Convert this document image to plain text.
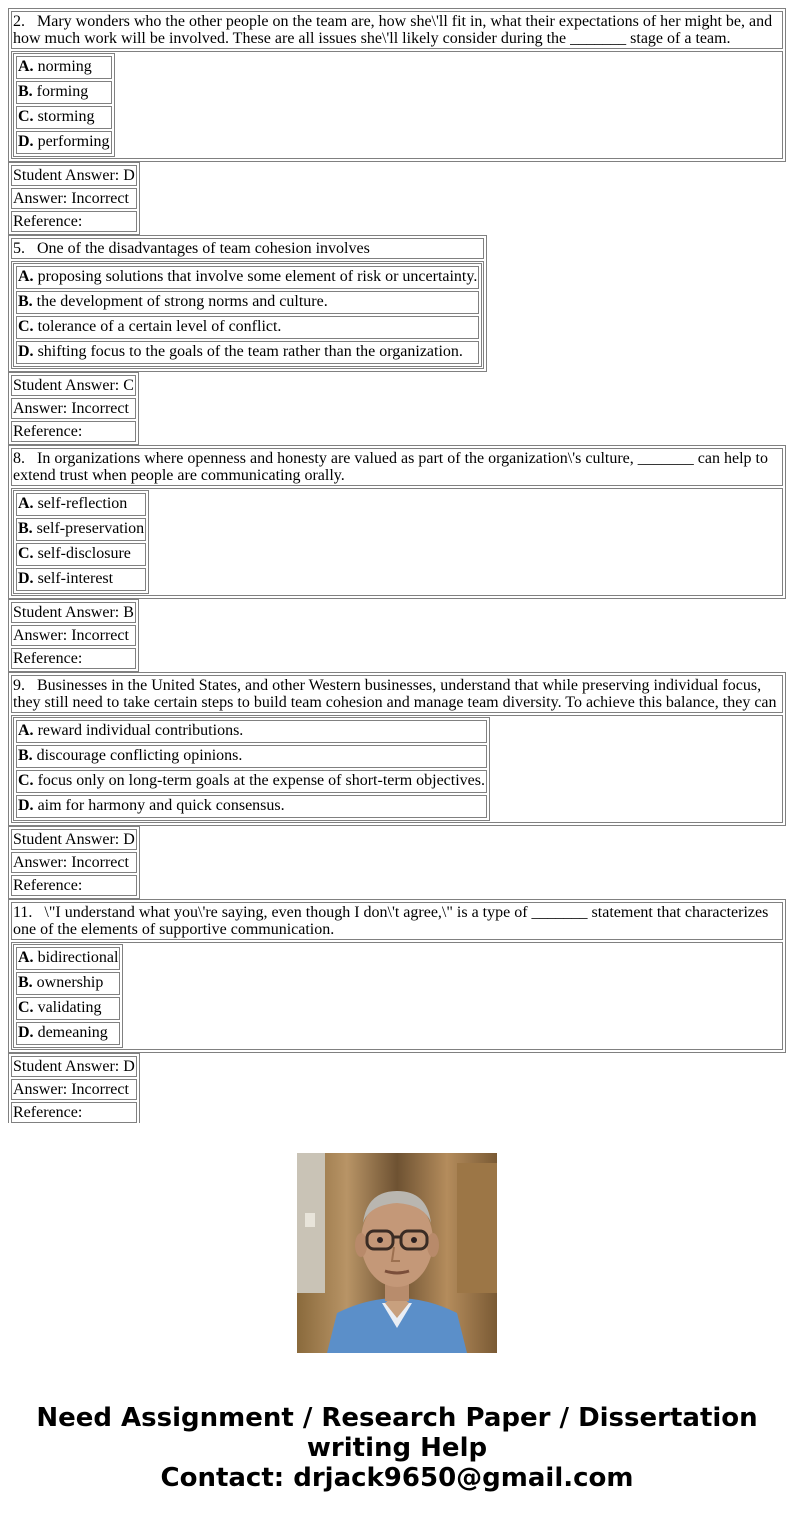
2. Mary wonders who the other people on the team are, how she\'ll fit in, what their expectations of her might be, and how much work will be involved. These are all issues she\'ll likely consider during the _______ stage of a team.

A. norming
B. forming
C. storming
D. performing
Student Answer: D
Answer: Incorrect
Reference:
5. One of the disadvantages of team cohesion involves

A. proposing solutions that involve some element of risk or uncertainty.
B. the development of strong norms and culture.
C. tolerance of a certain level of conflict.
D. shifting focus to the goals of the team rather than the organization.
Student Answer: C
Answer: Incorrect
Reference:
8. In organizations where openness and honesty are valued as part of the organization\'s culture, _______ can help to extend trust when people are communicating orally.

A. self-reflection
B. self-preservation
C. self-disclosure
D. self-interest
Student Answer: B
Answer: Incorrect
Reference:
9. Businesses in the United States, and other Western businesses, understand that while preserving individual focus, they still need to take certain steps to build team cohesion and manage team diversity. To achieve this balance, they can

A. reward individual contributions.
B. discourage conflicting opinions.
C. focus only on long-term goals at the expense of short-term objectives.
D. aim for harmony and quick consensus.
Student Answer: D
Answer: Incorrect
Reference:
11. \"I understand what you\'re saying, even though I don\'t agree,\" is a type of _______ statement that characterizes one of the elements of supportive communication.

A. bidirectional
B. ownership
C. validating
D. demeaning
Student Answer: D
Answer: Incorrect
Reference:

Need Assignment / Research Paper / Dissertation
writing Help
Contact: drjack9650@gmail.com
